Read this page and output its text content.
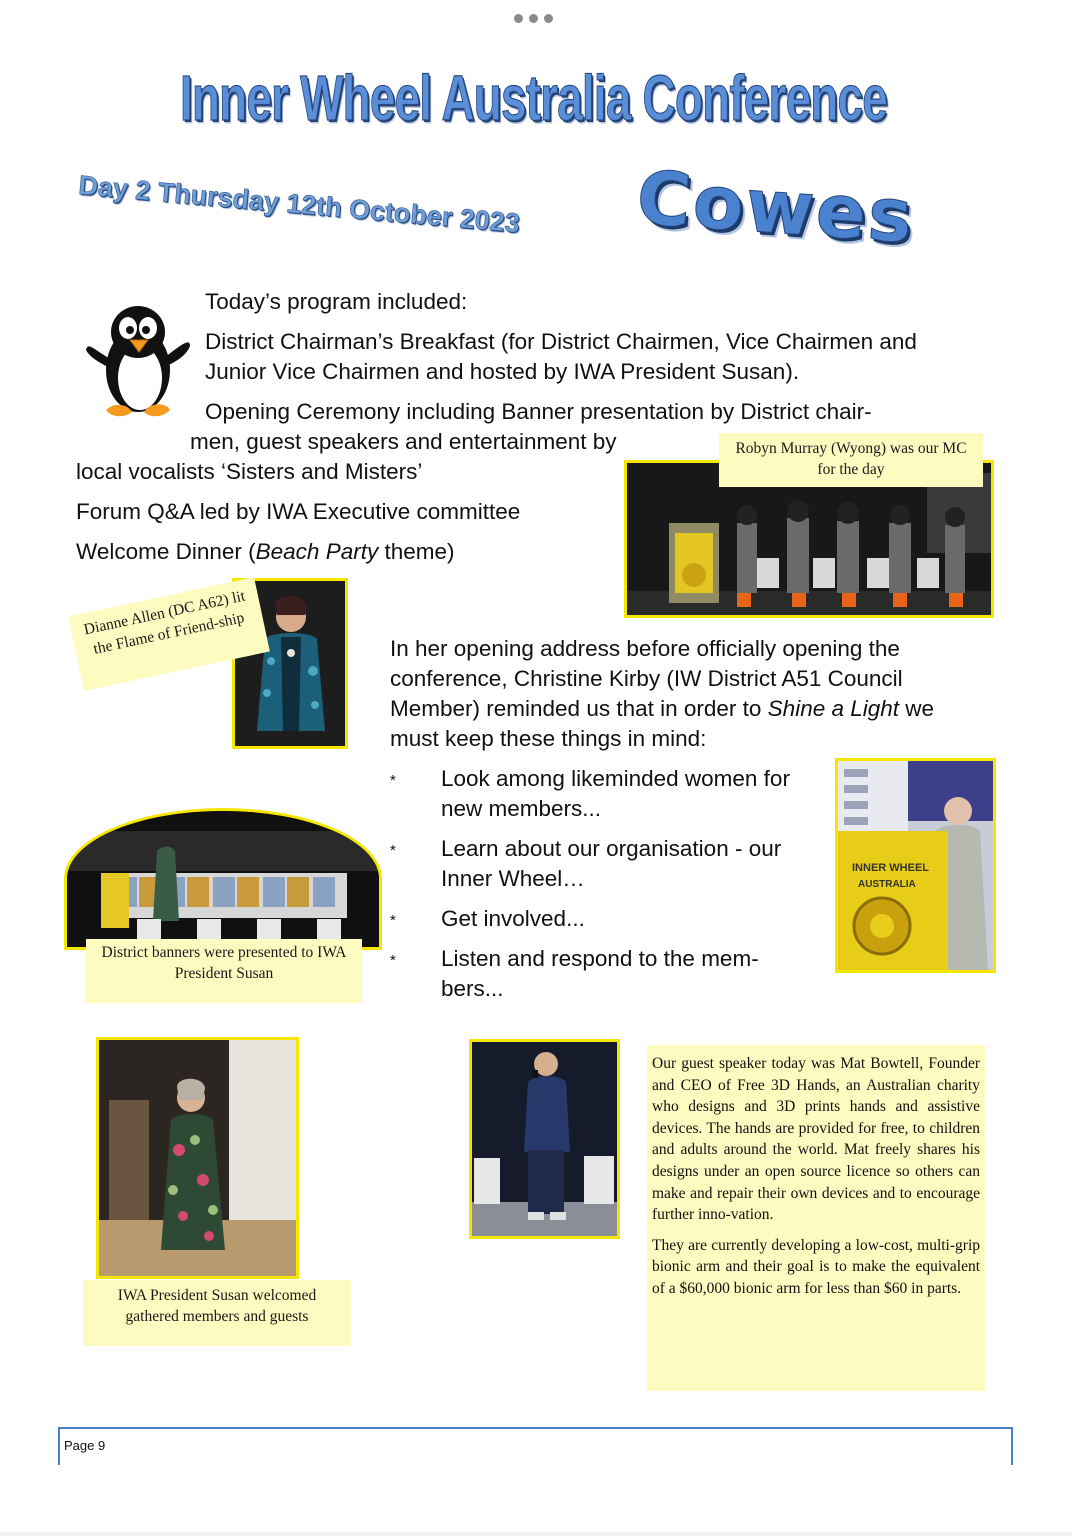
Inner Wheel Australia Conference
Day 2 Thursday 12th October 2023 Cowes

Today’s program included:

District Chairman’s Breakfast (for District Chairmen, Vice Chairmen and Junior Vice Chairmen and hosted by IWA President Susan).

Opening Ceremony including Banner presentation by District chair-

men, guest speakers and entertainment by

local vocalists ‘Sisters and Misters’

Forum Q&A led by IWA Executive committee

Welcome Dinner (Beach Party theme)

Robyn Murray (Wyong) was our MC for the day
Dianne Allen (DC A62) lit the Flame of Friend-ship	In her opening address before officially opening the conference, Christine Kirby (IW District A51 Council Member) reminded us that in order to Shine a Light we must keep these things in mind:

* Look among likeminded women for new members...
* Learn about our organisation - our Inner Wheel…
* Get involved...
* Listen and respond to the mem-bers...
INNER WHEEL
AUSTRALIA
District banners were presented to IWA President Susan
IWA President Susan welcomed gathered members and guests

Our guest speaker today was Mat Bowtell, Founder and CEO of Free 3D Hands, an Australian charity who designs and 3D prints hands and assistive devices. The hands are provided for free, to children and adults around the world. Mat freely shares his designs under an open source licence so others can make and repair their own devices and to encourage further inno-vation.

They are currently developing a low-cost, multi-grip bionic arm and their goal is to make the equivalent of a $60,000 bionic arm for less than $60 in parts.

Page 9
